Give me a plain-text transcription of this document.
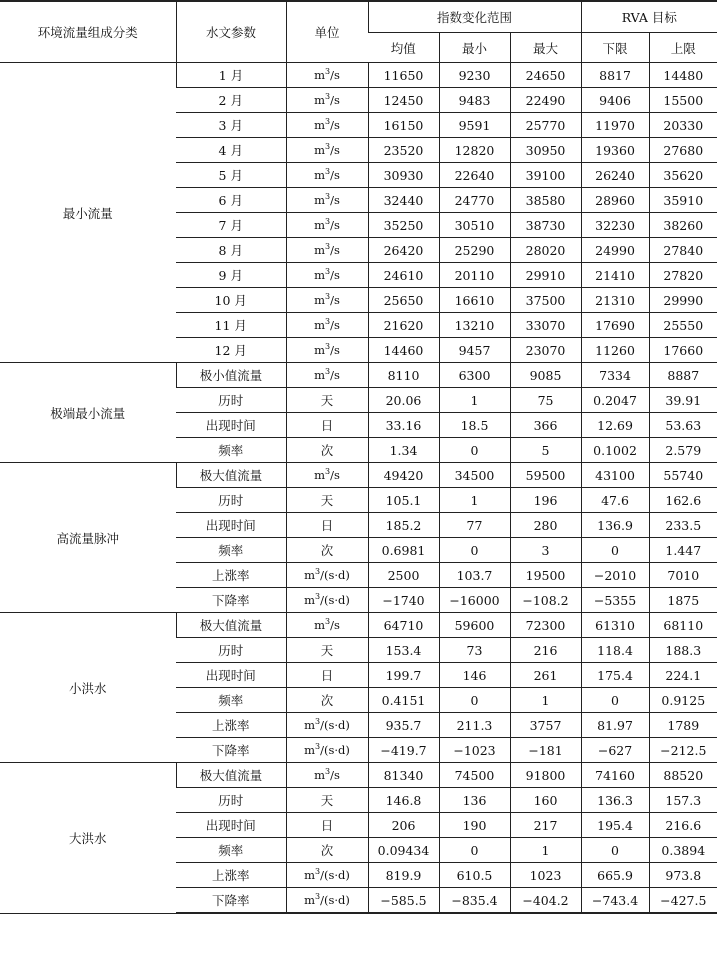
环境流量组成分类	水文参数	单位	指数变化范围			RVA 目标	
			均值	最小	最大	下限	上限
最小流量	1 月	$m^3/s$	11650	9230	24650	8817	14480
	2 月	$m^3/s$	12450	9483	22490	9406	15500
	3 月	$m^3/s$	16150	9591	25770	11970	20330
	4 月	$m^3/s$	23520	12820	30950	19360	27680
	5 月	$m^3/s$	30930	22640	39100	26240	35620
	6 月	$m^3/s$	32440	24770	38580	28960	35910
	7 月	$m^3/s$	35250	30510	38730	32230	38260
	8 月	$m^3/s$	26420	25290	28020	24990	27840
	9 月	$m^3/s$	24610	20110	29910	21410	27820
	10 月	$m^3/s$	25650	16610	37500	21310	29990
	11 月	$m^3/s$	21620	13210	33070	17690	25550
	12 月	$m^3/s$	14460	9457	23070	11260	17660
极端最小流量	极小值流量	$m^3/s$	8110	6300	9085	7334	8887
	历时	天	20.06	1	75	0.2047	39.91
	出现时间	日	33.16	18.5	366	12.69	53.63
	频率	次	1.34	0	5	0.1002	2.579
高流量脉冲	极大值流量	$m^3/s$	49420	34500	59500	43100	55740
	历时	天	105.1	1	196	47.6	162.6
	出现时间	日	185.2	77	280	136.9	233.5
	频率	次	0.6981	0	3	0	1.447
	上涨率	$m^3/(s\cdot d)$	2500	103.7	19500	−2010	7010
	下降率	$m^3/(s\cdot d)$	−1740	−16000	−108.2	−5355	1875
小洪水	极大值流量	$m^3/s$	64710	59600	72300	61310	68110
	历时	天	153.4	73	216	118.4	188.3
	出现时间	日	199.7	146	261	175.4	224.1
	频率	次	0.4151	0	1	0	0.9125
	上涨率	$m^3/(s\cdot d)$	935.7	211.3	3757	81.97	1789
	下降率	$m^3/(s\cdot d)$	−419.7	−1023	−181	−627	−212.5
大洪水	极大值流量	$m^3/s$	81340	74500	91800	74160	88520
	历时	天	146.8	136	160	136.3	157.3
	出现时间	日	206	190	217	195.4	216.6
	频率	次	0.09434	0	1	0	0.3894
	上涨率	$m^3/(s\cdot d)$	819.9	610.5	1023	665.9	973.8
	下降率	$m^3/(s\cdot d)$	−585.5	−835.4	−404.2	−743.4	−427.5
